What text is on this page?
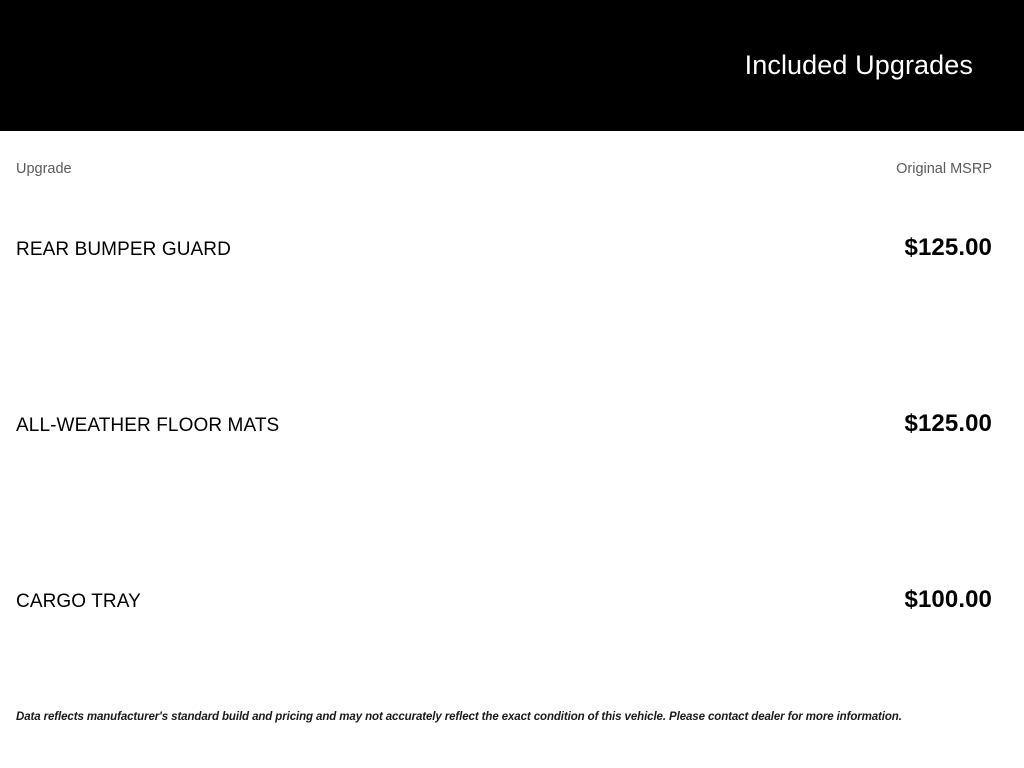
Included Upgrades
Upgrade	Original MSRP
REAR BUMPER GUARD	$125.00
ALL-WEATHER FLOOR MATS	$125.00
CARGO TRAY	$100.00
Data reflects manufacturer's standard build and pricing and may not accurately reflect the exact condition of this vehicle. Please contact dealer for more information.
